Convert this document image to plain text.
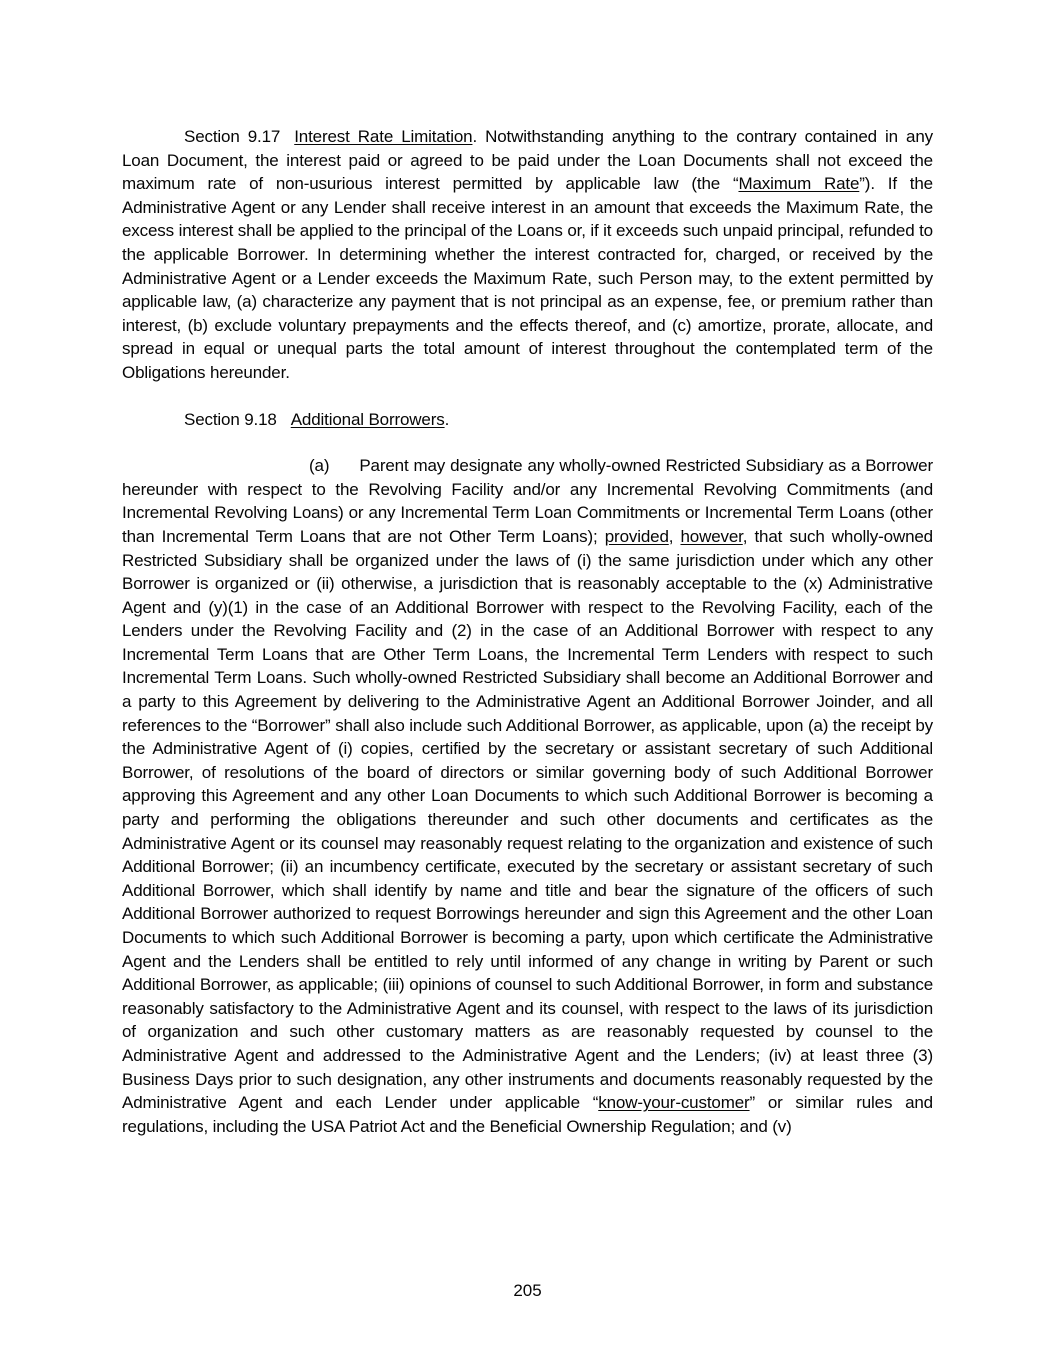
Section 9.17 Interest Rate Limitation. Notwithstanding anything to the contrary contained in any Loan Document, the interest paid or agreed to be paid under the Loan Documents shall not exceed the maximum rate of non-usurious interest permitted by applicable law (the “Maximum Rate”). If the Administrative Agent or any Lender shall receive interest in an amount that exceeds the Maximum Rate, the excess interest shall be applied to the principal of the Loans or, if it exceeds such unpaid principal, refunded to the applicable Borrower. In determining whether the interest contracted for, charged, or received by the Administrative Agent or a Lender exceeds the Maximum Rate, such Person may, to the extent permitted by applicable law, (a) characterize any payment that is not principal as an expense, fee, or premium rather than interest, (b) exclude voluntary prepayments and the effects thereof, and (c) amortize, prorate, allocate, and spread in equal or unequal parts the total amount of interest throughout the contemplated term of the Obligations hereunder.

Section 9.18 Additional Borrowers.

(a) Parent may designate any wholly-owned Restricted Subsidiary as a Borrower hereunder with respect to the Revolving Facility and/or any Incremental Revolving Commitments (and Incremental Revolving Loans) or any Incremental Term Loan Commitments or Incremental Term Loans (other than Incremental Term Loans that are not Other Term Loans); provided, however, that such wholly-owned Restricted Subsidiary shall be organized under the laws of (i) the same jurisdiction under which any other Borrower is organized or (ii) otherwise, a jurisdiction that is reasonably acceptable to the (x) Administrative Agent and (y)(1) in the case of an Additional Borrower with respect to the Revolving Facility, each of the Lenders under the Revolving Facility and (2) in the case of an Additional Borrower with respect to any Incremental Term Loans that are Other Term Loans, the Incremental Term Lenders with respect to such Incremental Term Loans. Such wholly-owned Restricted Subsidiary shall become an Additional Borrower and a party to this Agreement by delivering to the Administrative Agent an Additional Borrower Joinder, and all references to the “Borrower” shall also include such Additional Borrower, as applicable, upon (a) the receipt by the Administrative Agent of (i) copies, certified by the secretary or assistant secretary of such Additional Borrower, of resolutions of the board of directors or similar governing body of such Additional Borrower approving this Agreement and any other Loan Documents to which such Additional Borrower is becoming a party and performing the obligations thereunder and such other documents and certificates as the Administrative Agent or its counsel may reasonably request relating to the organization and existence of such Additional Borrower; (ii) an incumbency certificate, executed by the secretary or assistant secretary of such Additional Borrower, which shall identify by name and title and bear the signature of the officers of such Additional Borrower authorized to request Borrowings hereunder and sign this Agreement and the other Loan Documents to which such Additional Borrower is becoming a party, upon which certificate the Administrative Agent and the Lenders shall be entitled to rely until informed of any change in writing by Parent or such Additional Borrower, as applicable; (iii) opinions of counsel to such Additional Borrower, in form and substance reasonably satisfactory to the Administrative Agent and its counsel, with respect to the laws of its jurisdiction of organization and such other customary matters as are reasonably requested by counsel to the Administrative Agent and addressed to the Administrative Agent and the Lenders; (iv) at least three (3) Business Days prior to such designation, any other instruments and documents reasonably requested by the Administrative Agent and each Lender under applicable “know-your-customer” or similar rules and regulations, including the USA Patriot Act and the Beneficial Ownership Regulation; and (v)

205
